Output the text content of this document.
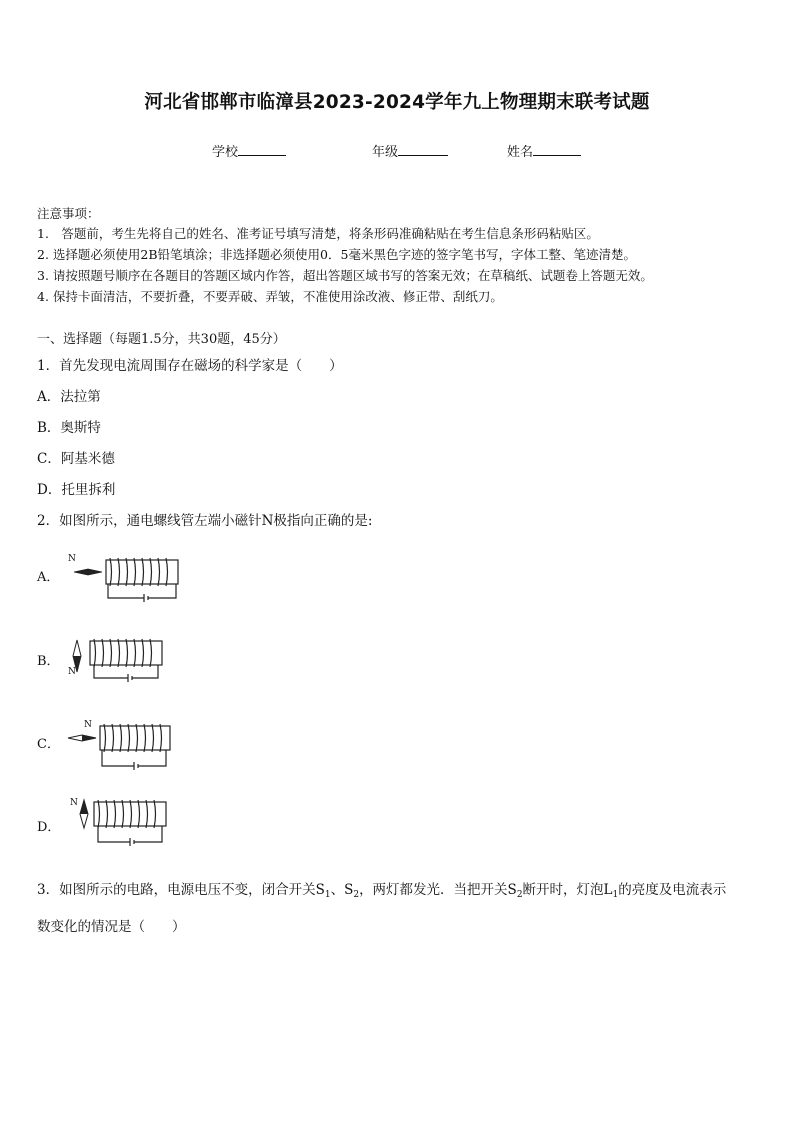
河北省邯郸市临漳县2023-2024学年九上物理期末联考试题
学校	年级	姓名
注意事项：
1.　答题前，考生先将自己的姓名、准考证号填写清楚，将条形码准确粘贴在考生信息条形码粘贴区。
2. 选择题必须使用2B铅笔填涂；非选择题必须使用0．5毫米黑色字迹的签字笔书写，字体工整、笔迹清楚。
3. 请按照题号顺序在各题目的答题区域内作答，超出答题区域书写的答案无效；在草稿纸、试题卷上答题无效。
4. 保持卡面清洁，不要折叠，不要弄破、弄皱，不准使用涂改液、修正带、刮纸刀。
一、选择题（每题1.5分，共30题，45分）
1．首先发现电流周围存在磁场的科学家是（　　）
A．法拉第
B．奥斯特
C．阿基米德
D．托里拆利
2．如图所示，通电螺线管左端小磁针N极指向正确的是:
A．
N
B．
N
C．
N
D．
N
3．如图所示的电路，电源电压不变，闭合开关$S_1$、$S_2$，两灯都发光．当把开关$S_2$断开时，灯泡$L_1$的亮度及电流表示
数变化的情况是（　　）
